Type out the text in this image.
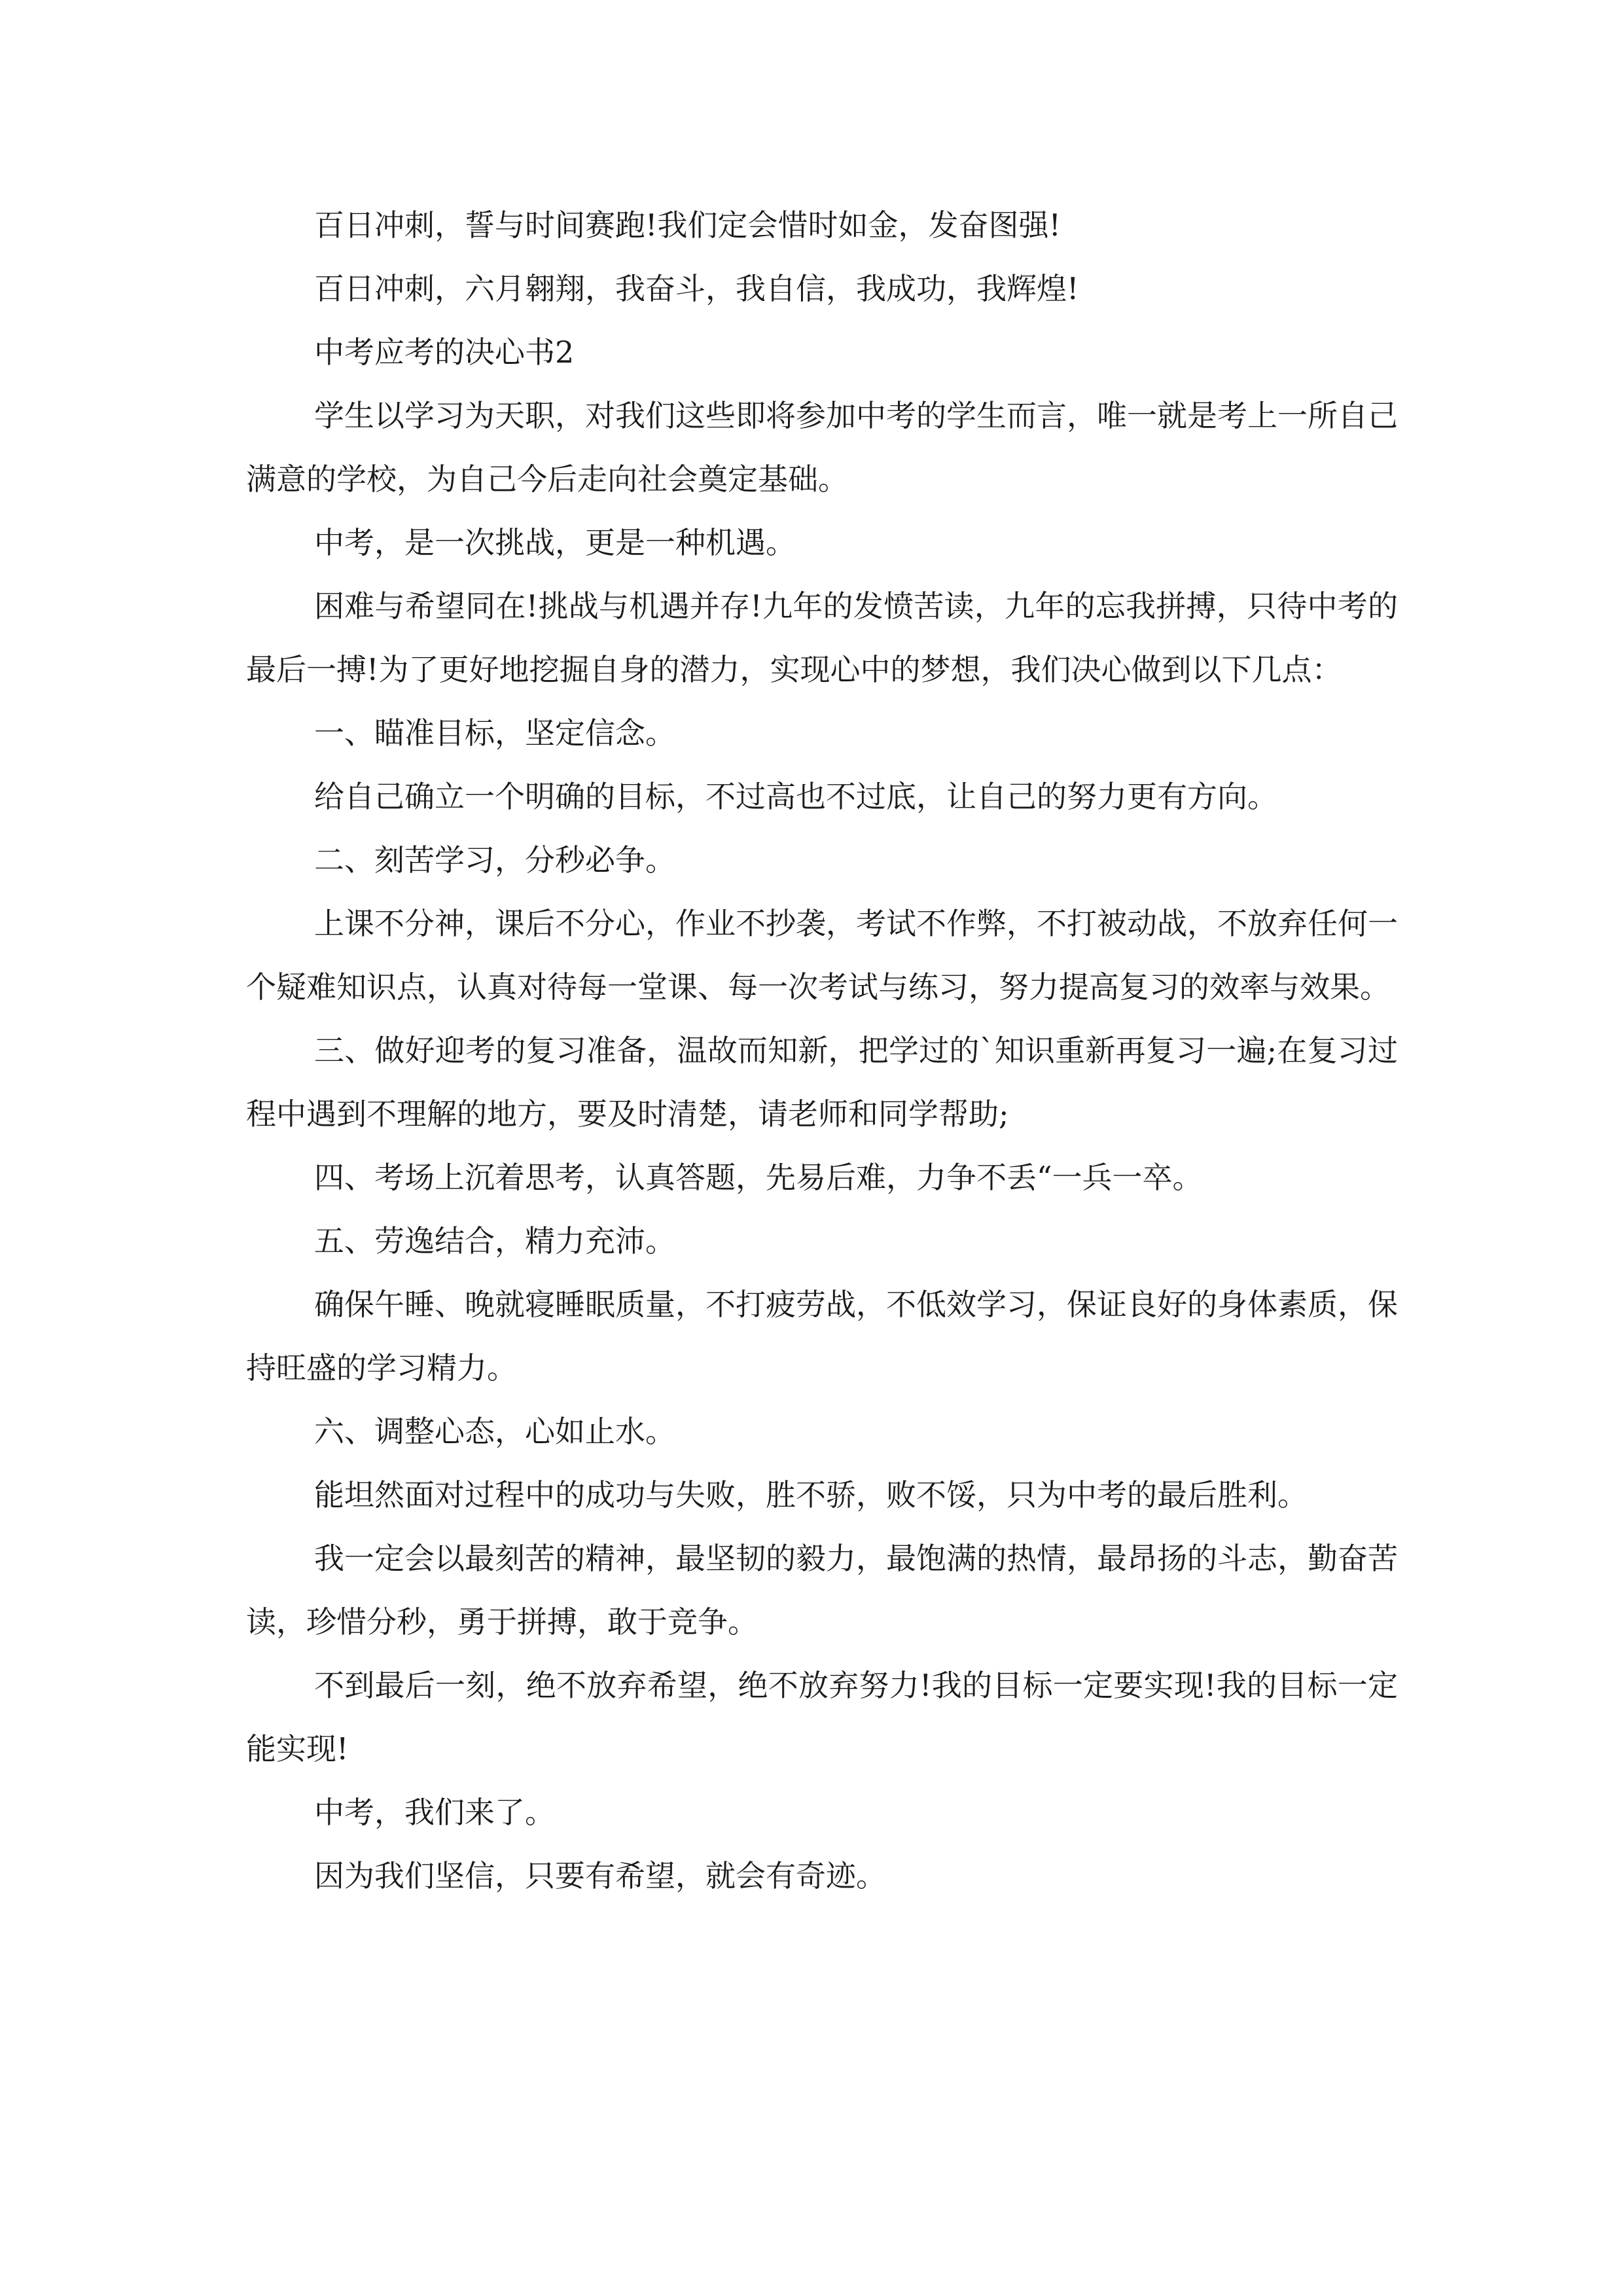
百日冲刺，誓与时间赛跑!我们定会惜时如金，发奋图强!

百日冲刺，六月翱翔，我奋斗，我自信，我成功，我辉煌!

中考应考的决心书2

学生以学习为天职，对我们这些即将参加中考的学生而言，唯一就是考上一所自己满意的学校，为自己今后走向社会奠定基础。

中考，是一次挑战，更是一种机遇。

困难与希望同在!挑战与机遇并存!九年的发愤苦读，九年的忘我拼搏，只待中考的最后一搏!为了更好地挖掘自身的潜力，实现心中的梦想，我们决心做到以下几点：

一、瞄准目标，坚定信念。

给自己确立一个明确的目标，不过高也不过底，让自己的努力更有方向。

二、刻苦学习，分秒必争。

上课不分神，课后不分心，作业不抄袭，考试不作弊，不打被动战，不放弃任何一个疑难知识点，认真对待每一堂课、每一次考试与练习，努力提高复习的效率与效果。

三、做好迎考的复习准备，温故而知新，把学过的`知识重新再复习一遍;在复习过程中遇到不理解的地方，要及时清楚，请老师和同学帮助;

四、考场上沉着思考，认真答题，先易后难，力争不丢“一兵一卒。

五、劳逸结合，精力充沛。

确保午睡、晚就寝睡眠质量，不打疲劳战，不低效学习，保证良好的身体素质，保持旺盛的学习精力。

六、调整心态，心如止水。

能坦然面对过程中的成功与失败，胜不骄，败不馁，只为中考的最后胜利。

我一定会以最刻苦的精神，最坚韧的毅力，最饱满的热情，最昂扬的斗志，勤奋苦读，珍惜分秒，勇于拼搏，敢于竞争。

不到最后一刻，绝不放弃希望，绝不放弃努力!我的目标一定要实现!我的目标一定能实现!

中考，我们来了。

因为我们坚信，只要有希望，就会有奇迹。
